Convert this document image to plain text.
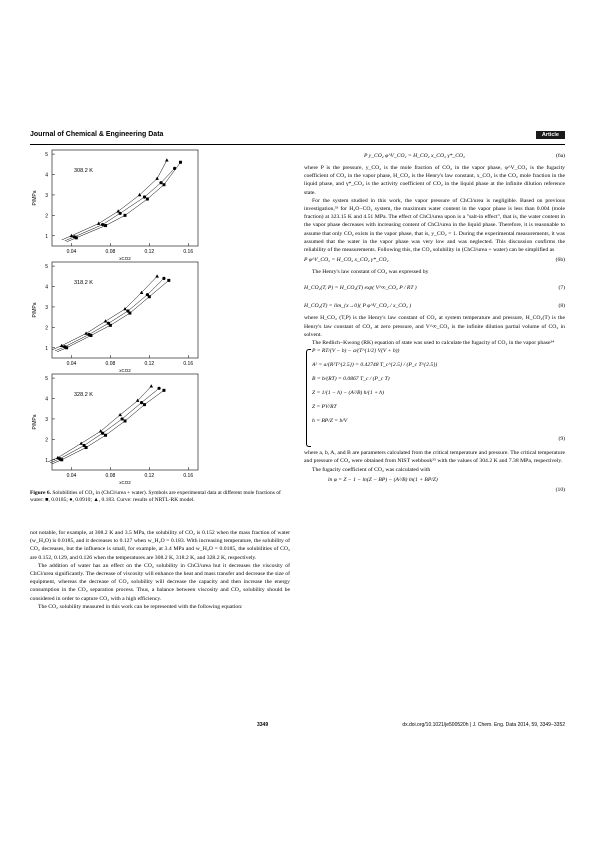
Journal of Chemical & Engineering Data	Article
1
2
3
4
5
0.04	0.08	0.12	0.16
P/MPa
xCO2
308.2 K
1
2
3
4
5
0.04	0.08	0.12	0.16
P/MPa
xCO2
318.2 K
1
2
3
4
5
0.04	0.08	0.12	0.16
P/MPa
xCO2
328.2 K
Figure 6. Solubilities of CO₂ in (ChCl/urea + water). Symbols are experimental data at different mole fractions of water: ■, 0.0185; ●, 0.0910; ▲, 0.183. Curve: results of NRTL-RK model.

not notable, for example, at 308.2 K and 3.5 MPa, the solubility of CO₂ is 0.152 when the mass fraction of water (w_H₂O) is 0.0185, and it decreases to 0.127 when w_H₂O = 0.183. With increasing temperature, the solubility of CO₂ decreases, but the influence is small, for example, at 3.4 MPa and w_H₂O = 0.0185, the solubilities of CO₂ are 0.152, 0.129, and 0.126 when the temperatures are 308.2 K, 318.2 K, and 328.2 K, respectively.

The addition of water has an effect on the CO₂ solubility in ChCl/urea but it decreases the viscosity of ChCl/urea significantly. The decrease of viscosity will enhance the heat and mass transfer and decrease the size of equipment, whereas the decrease of CO₂ solubility will decrease the capacity and then increase the energy consumption in the CO₂ separation process. Thus, a balance between viscosity and CO₂ solubility should be considered in order to capture CO₂ with a high efficiency.

The CO₂ solubility measured in this work can be represented with the following equation:

P y_CO₂ φ^V_CO₂ = H_CO₂ x_CO₂ γ*_CO₂	(6a)

where P is the pressure, y_CO₂ is the mole fraction of CO₂ in the vapor phase, φ^V_CO₂ is the fugacity coefficient of CO₂ in the vapor phase, H_CO₂ is the Henry's law constant, x_CO₂ is the CO₂ mole fraction in the liquid phase, and γ*_CO₂ is the activity coefficient of CO₂ in the liquid phase at the infinite dilution reference state.

For the system studied in this work, the vapor pressure of ChCl/urea is negligible. Based on previous investigation,³³ for H₂O−CO₂ system, the maximum water content in the vapor phase is less than 0.004 (mole fraction) at 323.15 K and 4.51 MPa. The effect of ChCl/urea upon is a "salt-in effect", that is, the water content in the vapor phase decreases with increasing content of ChCl/urea in the liquid phase. Therefore, it is reasonable to assume that only CO₂ exists in the vapor phase, that is, y_CO₂ = 1. During the experimental measurements, it was assumed that the water in the vapor phase was very low and was neglected. This discussion confirms the reliability of the measurements. Following this, the CO₂ solubility in (ChCl/urea + water) can be simplified as

P φ^V_CO₂ = H_CO₂ x_CO₂ γ*_CO₂	(6b)

The Henry's law constant of CO₂ was expressed by

H_CO₂(T, P) = H_CO₂(T) exp( V^∞_CO₂ P / RT )	(7)
H_CO₂(T) = lim_{x→0}( P φ^V_CO₂ / x_CO₂ )	(8)

where H_CO₂ (T,P) is the Henry's law constant of CO₂ at system temperature and pressure, H_CO₂(T) is the Henry's law constant of CO₂ at zero pressure, and V^∞_CO₂ is the infinite dilution partial volume of CO₂ in solvent.

The Redlich−Kwong (RK) equation of state was used to calculate the fugacity of CO₂ in the vapor phase³⁴

P = RT/(V − b) − a/(T^{1/2} V(V + b))
A² = a/(R²T^{2.5}) = 0.42748 T_c^{2.5} / (P_c T^{2.5})
B = b/(RT) = 0.0867 T_c / (P_c T)
Z = 1/(1 − h) − (A²/B) h/(1 + h)
Z = PV/RT
h = BP/Z = b/V
(9)

where a, b, A, and B are parameters calculated from the critical temperature and pressure. The critical temperature and pressure of CO₂ were obtained from NIST webbook³⁵ with the values of 304.2 K and 7.38 MPa, respectively.

The fugacity coefficient of CO₂ was calculated with

ln φ = Z − 1 − ln(Z − BP) − (A²/B) ln(1 + BP/Z)
(10)
3349	dx.doi.org/10.1021/je500520h | J. Chem. Eng. Data 2014, 59, 3349−3352
